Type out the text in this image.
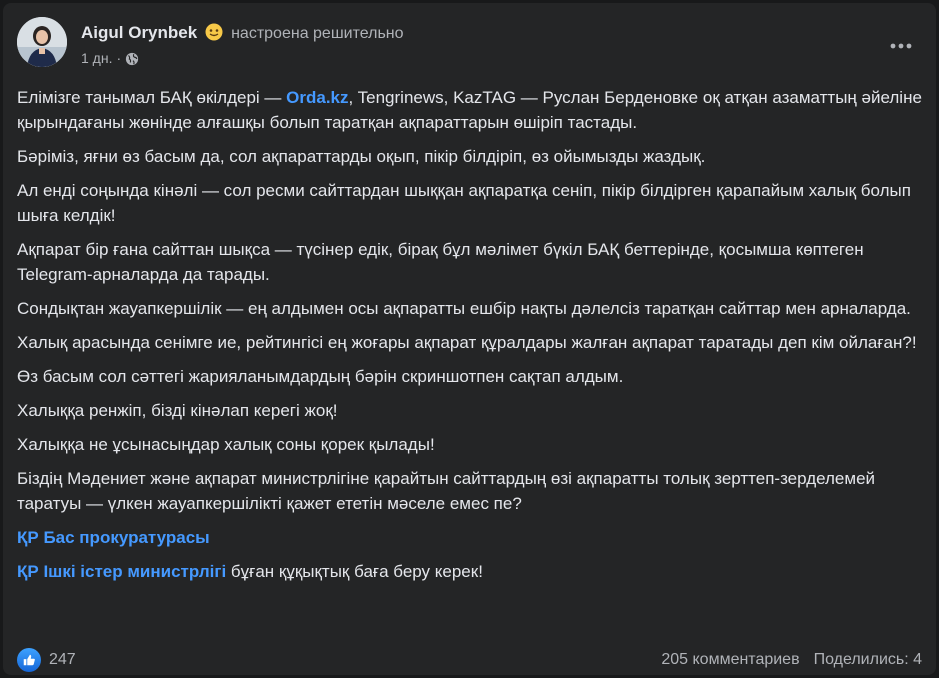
Aigul Orynbek настроена решительно
1 дн. ·

Елімізге танымал БАҚ өкілдері — Orda.kz, Tengrinews, KazTAG — Руслан Берденовке оқ атқан азаматтың әйеліне қырындағаны жөнінде алғашқы болып таратқан ақпараттарын өшіріп тастады.

Бәріміз, яғни өз басым да, сол ақпараттарды оқып, пікір білдіріп, өз ойымызды жаздық.

Ал енді соңында кінәлі — сол ресми сайттардан шыққан ақпаратқа сеніп, пікір білдірген қарапайым халық болып шыға келдік!

Ақпарат бір ғана сайттан шықса — түсінер едік, бірақ бұл мәлімет бүкіл БАҚ беттерінде, қосымша көптеген Telegram-арналарда да тарады.

Сондықтан жауапкершілік — ең алдымен осы ақпаратты ешбір нақты дәлелсіз таратқан сайттар мен арналарда.

Халық арасында сенімге ие, рейтингісі ең жоғары ақпарат құралдары жалған ақпарат таратады деп кім ойлаған?!

Өз басым сол сәттегі жарияланымдардың бәрін скриншотпен сақтап алдым.

Халыққа ренжіп, бізді кінәлап керегі жоқ!

Халыққа не ұсынасыңдар халық соны қорек қылады!

Біздің Мәдениет және ақпарат министрлігіне қарайтын сайттардың өзі ақпаратты толық зерттеп-зерделемей таратуы — үлкен жауапкершілікті қажет ететін мәселе емес пе?

ҚР Бас прокуратурасы

ҚР Ішкі істер министрлігі бұған құқықтық баға беру керек!

247	205 комментариев Поделились: 4
